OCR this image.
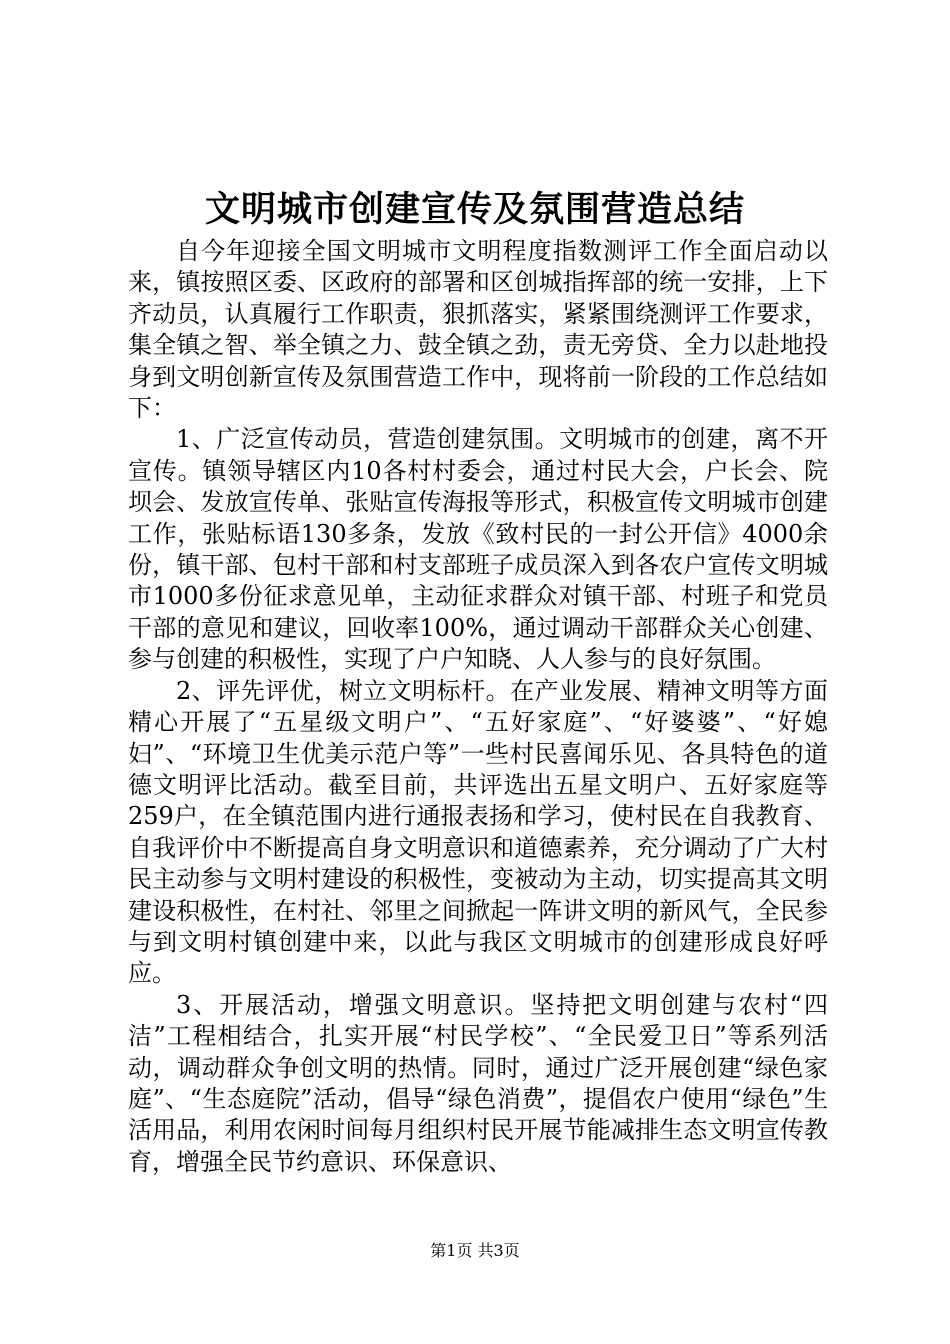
文明城市创建宣传及氛围营造总结

自今年迎接全国文明城市文明程度指数测评工作全面启动以来，镇按照区委、区政府的部署和区创城指挥部的统一安排，上下齐动员，认真履行工作职责，狠抓落实，紧紧围绕测评工作要求，集全镇之智、举全镇之力、鼓全镇之劲，责无旁贷、全力以赴地投身到文明创新宣传及氛围营造工作中，现将前一阶段的工作总结如下：

1、广泛宣传动员，营造创建氛围。文明城市的创建，离不开宣传。镇领导辖区内10各村村委会，通过村民大会，户长会、院坝会、发放宣传单、张贴宣传海报等形式，积极宣传文明城市创建工作，张贴标语130多条，发放《致村民的一封公开信》4000余份，镇干部、包村干部和村支部班子成员深入到各农户宣传文明城市1000多份征求意见单，主动征求群众对镇干部、村班子和党员干部的意见和建议，回收率100%，通过调动干部群众关心创建、参与创建的积极性，实现了户户知晓、人人参与的良好氛围。

2、评先评优，树立文明标杆。在产业发展、精神文明等方面精心开展了“五星级文明户”、“五好家庭”、“好婆婆”、“好媳妇”、“环境卫生优美示范户等”一些村民喜闻乐见、各具特色的道德文明评比活动。截至目前，共评选出五星文明户、五好家庭等259户，在全镇范围内进行通报表扬和学习，使村民在自我教育、自我评价中不断提高自身文明意识和道德素养，充分调动了广大村民主动参与文明村建设的积极性，变被动为主动，切实提高其文明建设积极性，在村社、邻里之间掀起一阵讲文明的新风气，全民参与到文明村镇创建中来，以此与我区文明城市的创建形成良好呼应。

3、开展活动，增强文明意识。坚持把文明创建与农村“四洁”工程相结合，扎实开展“村民学校”、“全民爱卫日”等系列活动，调动群众争创文明的热情。同时，通过广泛开展创建“绿色家庭”、“生态庭院”活动，倡导“绿色消费”，提倡农户使用“绿色”生活用品，利用农闲时间每月组织村民开展节能减排生态文明宣传教育，增强全民节约意识、环保意识、

第1页 共3页
